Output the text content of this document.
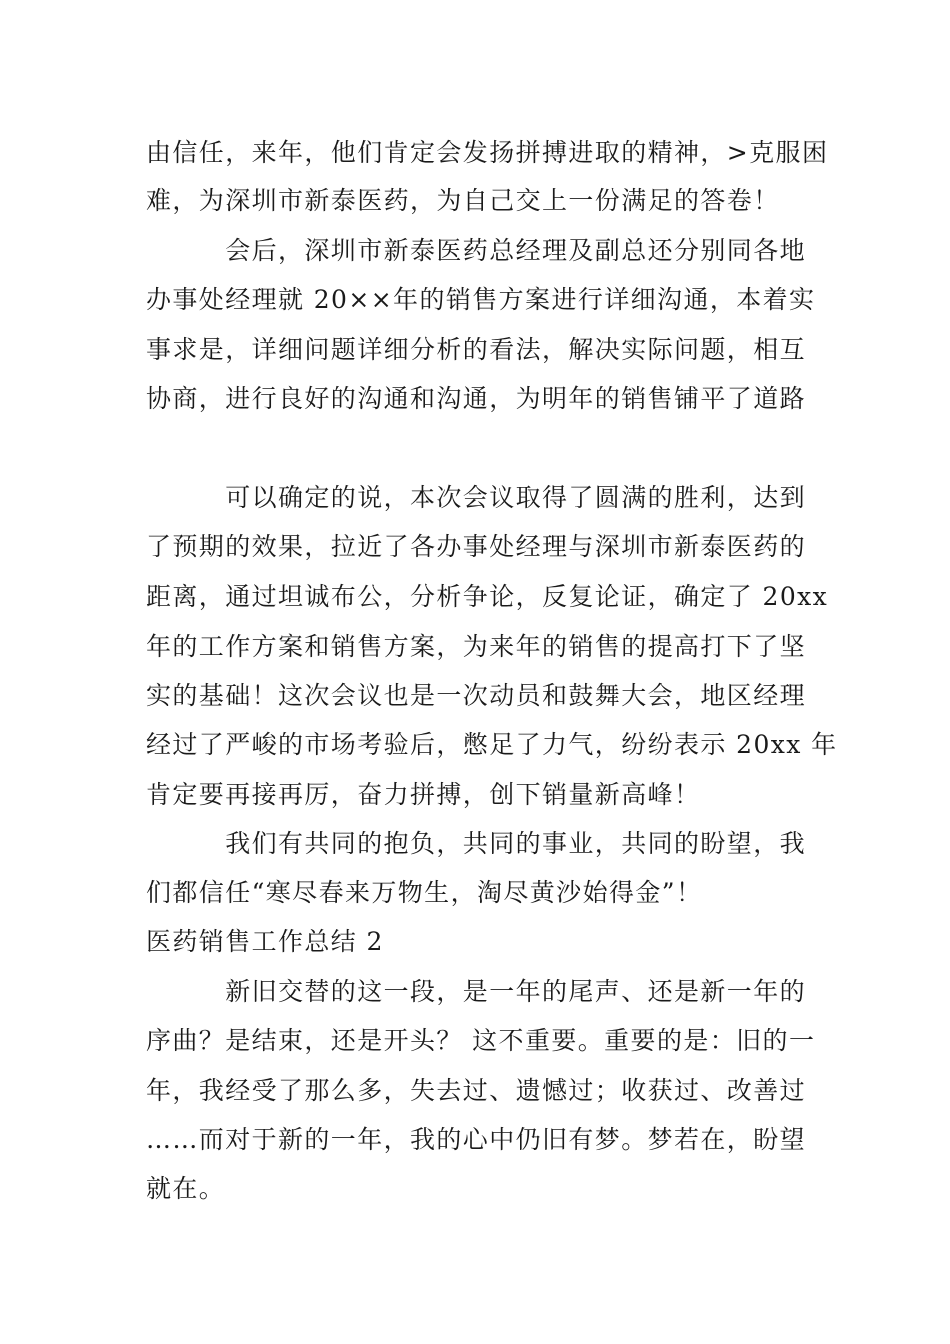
由信任，来年，他们肯定会发扬拼搏进取的精神，>克服困
难，为深圳市新泰医药，为自己交上一份满足的答卷！
　　　会后，深圳市新泰医药总经理及副总还分别同各地
办事处经理就 20××年的销售方案进行详细沟通，本着实
事求是，详细问题详细分析的看法，解决实际问题，相互
协商，进行良好的沟通和沟通，为明年的销售铺平了道路
　　　可以确定的说，本次会议取得了圆满的胜利，达到
了预期的效果，拉近了各办事处经理与深圳市新泰医药的
距离，通过坦诚布公，分析争论，反复论证，确定了 20xx
年的工作方案和销售方案，为来年的销售的提高打下了坚
实的基础！这次会议也是一次动员和鼓舞大会，地区经理
经过了严峻的市场考验后，憋足了力气，纷纷表示 20xx 年
肯定要再接再厉，奋力拼搏，创下销量新高峰！
　　　我们有共同的抱负，共同的事业，共同的盼望，我
们都信任“寒尽春来万物生，淘尽黄沙始得金”！
医药销售工作总结 2
　　　新旧交替的这一段，是一年的尾声、还是新一年的
序曲？是结束，还是开头？ 这不重要。重要的是：旧的一
年，我经受了那么多，失去过、遗憾过；收获过、改善过
……而对于新的一年，我的心中仍旧有梦。梦若在，盼望
就在。
